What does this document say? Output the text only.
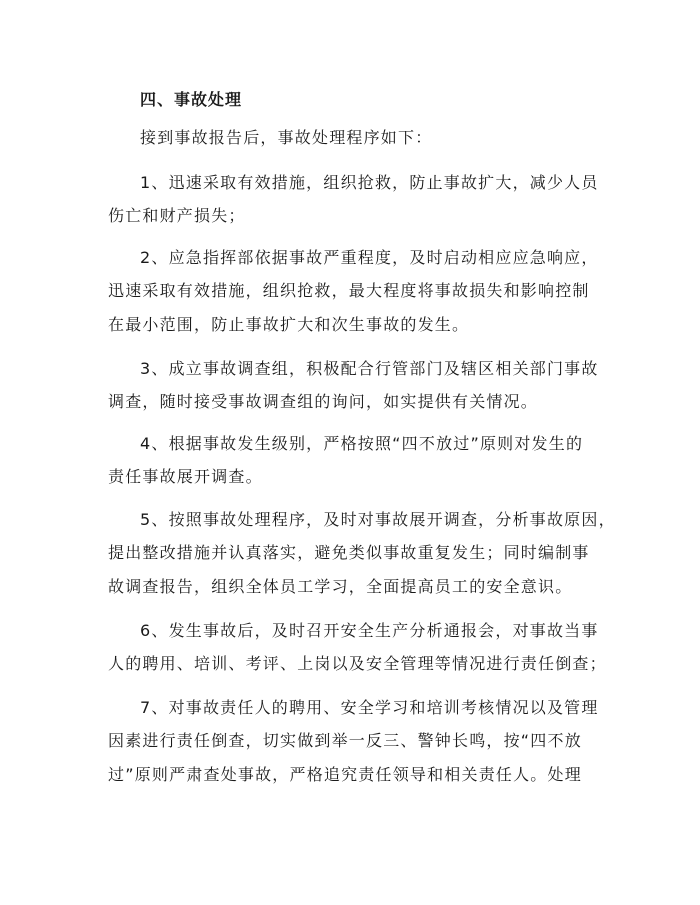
四、事故处理
接到事故报告后，事故处理程序如下：
1、迅速采取有效措施，组织抢救，防止事故扩大，减少人员
伤亡和财产损失；
2、应急指挥部依据事故严重程度，及时启动相应应急响应，
迅速采取有效措施，组织抢救，最大程度将事故损失和影响控制
在最小范围，防止事故扩大和次生事故的发生。
3、成立事故调查组，积极配合行管部门及辖区相关部门事故
调查，随时接受事故调查组的询问，如实提供有关情况。
4、根据事故发生级别，严格按照“四不放过”原则对发生的
责任事故展开调查。
5、按照事故处理程序，及时对事故展开调查，分析事故原因，
提出整改措施并认真落实，避免类似事故重复发生；同时编制事
故调查报告，组织全体员工学习，全面提高员工的安全意识。
6、发生事故后，及时召开安全生产分析通报会，对事故当事
人的聘用、培训、考评、上岗以及安全管理等情况进行责任倒查；
7、对事故责任人的聘用、安全学习和培训考核情况以及管理
因素进行责任倒查，切实做到举一反三、警钟长鸣，按“四不放
过”原则严肃查处事故，严格追究责任领导和相关责任人。处理
